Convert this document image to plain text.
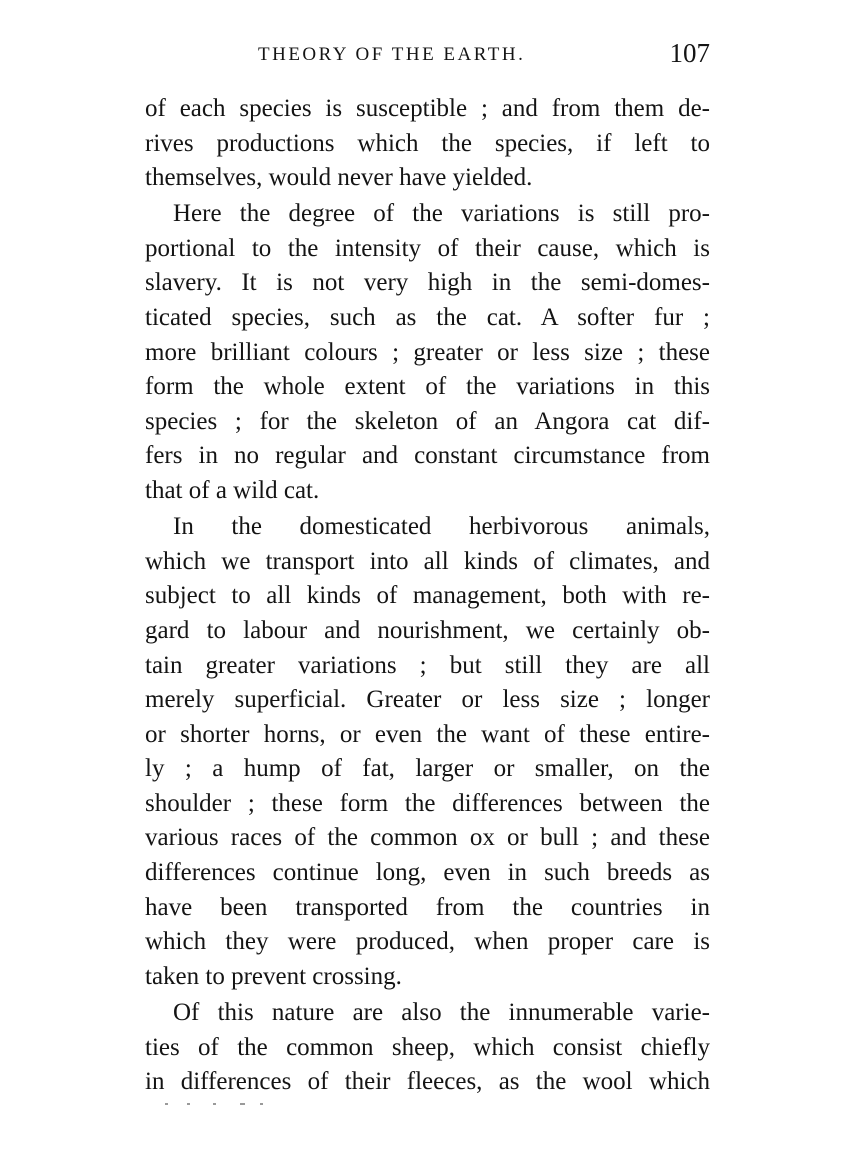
THEORY OF THE EARTH.	107
of each species is susceptible ; and from them de-
rives productions which the species, if left to
themselves, would never have yielded.
Here the degree of the variations is still pro-
portional to the intensity of their cause, which is
slavery. It is not very high in the semi-domes-
ticated species, such as the cat. A softer fur ;
more brilliant colours ; greater or less size ; these
form the whole extent of the variations in this
species ; for the skeleton of an Angora cat dif-
fers in no regular and constant circumstance from
that of a wild cat.
In the domesticated herbivorous animals,
which we transport into all kinds of climates, and
subject to all kinds of management, both with re-
gard to labour and nourishment, we certainly ob-
tain greater variations ; but still they are all
merely superficial. Greater or less size ; longer
or shorter horns, or even the want of these entire-
ly ; a hump of fat, larger or smaller, on the
shoulder ; these form the differences between the
various races of the common ox or bull ; and these
differences continue long, even in such breeds as
have been transported from the countries in
which they were produced, when proper care is
taken to prevent crossing.
Of this nature are also the innumerable varie-
ties of the common sheep, which consist chiefly
in differences of their fleeces, as the wool which
